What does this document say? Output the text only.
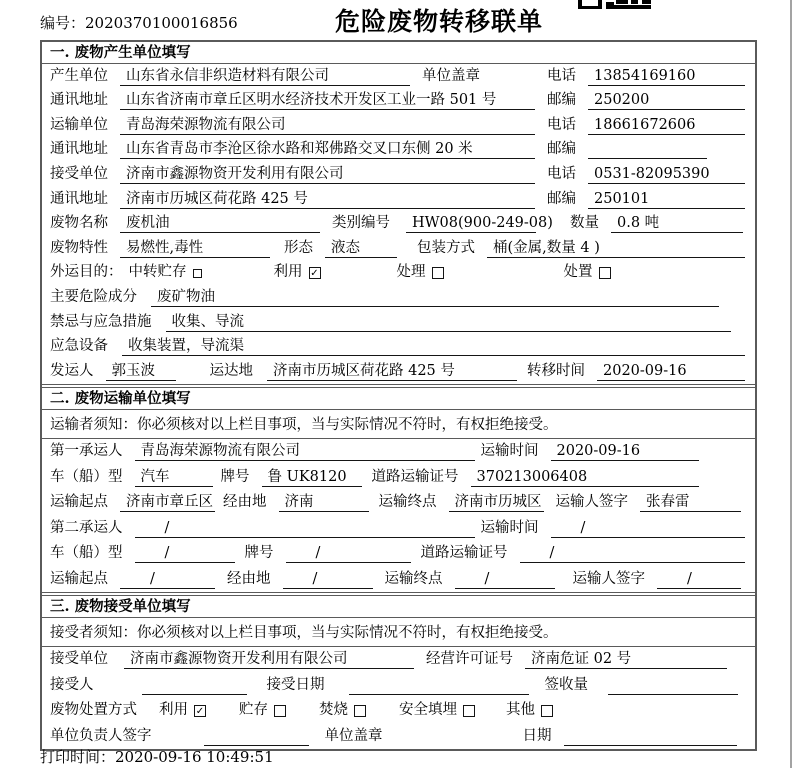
编号：2020370100016856	危险废物转移联单
一. 废物产生单位填写
产生单位	山东省永信非织造材料有限公司	单位盖章	电话	13854169160
通讯地址	山东省济南市章丘区明水经济技术开发区工业一路 501 号	邮编	250200
运输单位	青岛海荣源物流有限公司	电话	18661672606
通讯地址	山东省青岛市李沧区徐水路和郑佛路交叉口东侧 20 米	邮编
接受单位	济南市鑫源物资开发利用有限公司	电话	0531-82095390
通讯地址	济南市历城区荷花路 425 号	邮编	250101
废物名称	废机油	类别编号	HW08(900-249-08) 数量	0.8 吨
废物特性	易燃性,毒性	形态	液态	包装方式	桶(金属,数量 4 )
外运目的： 中转贮存	利用 ✓	处理	处置
主要危险成分	废矿物油
禁忌与应急措施	收集、导流
应急设备	收集装置，导流渠
发运人	郭玉波	运达地	济南市历城区荷花路 425 号	转移时间	2020-09-16
二. 废物运输单位填写
运输者须知：你必须核对以上栏目事项，当与实际情况不符时，有权拒绝接受。
第一承运人	青岛海荣源物流有限公司	运输时间	2020-09-16
车（船）型	汽车	牌号	鲁 UK8120	道路运输证号	370213006408
运输起点	济南市章丘区 经由地	济南	运输终点	济南市历城区 运输人签字	张春雷
第二承运人	/	运输时间	/
车（船）型	/	牌号	/	道路运输证号	/
运输起点	/	经由地	/	运输终点	/	运输人签字	/
三. 废物接受单位填写
接受者须知：你必须核对以上栏目事项，当与实际情况不符时，有权拒绝接受。
接受单位	济南市鑫源物资开发利用有限公司	经营许可证号	济南危证 02 号
接受人	接受日期	签收量
废物处置方式 利用 ✓ 贮存	焚烧	安全填埋	其他
单位负责人签字	单位盖章	日期
打印时间：2020-09-16 10:49:51
